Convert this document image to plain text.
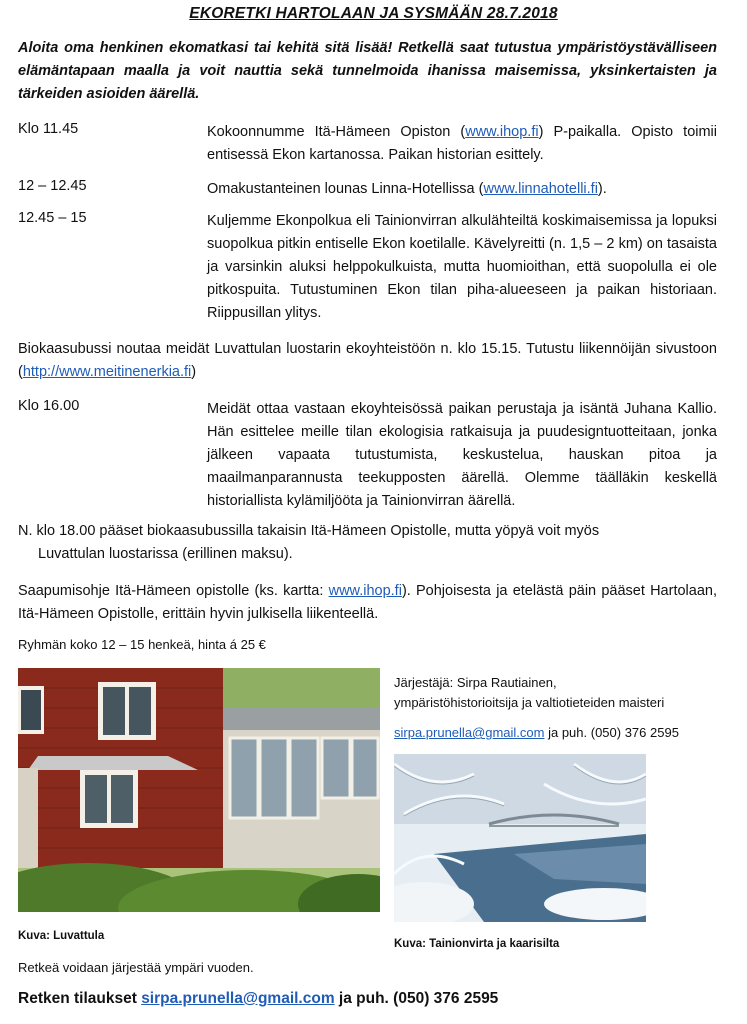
EKORETKI HARTOLAAN JA SYSMÄÄN 28.7.2018
Aloita oma henkinen ekomatkasi tai kehitä sitä lisää! Retkellä saat tutustua ympäristöystävälliseen elämäntapaan maalla ja voit nauttia sekä tunnelmoida ihanissa maisemissa, yksinkertaisten ja tärkeiden asioiden äärellä.
Klo 11.45	Kokoonnumme Itä-Hämeen Opiston (www.ihop.fi) P-paikalla. Opisto toimii entisessä Ekon kartanossa. Paikan historian esittely.
12 – 12.45	Omakustanteinen lounas Linna-Hotellissa (www.linnahotelli.fi).
12.45 – 15	Kuljemme Ekonpolkua eli Tainionvirran alkulähteiltä koskimaisemissa ja lopuksi suopolkua pitkin entiselle Ekon koetilalle. Kävelyreitti (n. 1,5 – 2 km) on tasaista ja varsinkin aluksi helppokulkuista, mutta huomioithan, että suopolulla ei ole pitkospuita. Tutustuminen Ekon tilan piha-alueeseen ja paikan historiaan. Riippusillan ylitys.
Biokaasubussi noutaa meidät Luvattulan luostarin ekoyhteistöön n. klo 15.15. Tutustu liikennöijän sivustoon (http://www.meitinenerkia.fi)
Klo 16.00	Meidät ottaa vastaan ekoyhteisössä paikan perustaja ja isäntä Juhana Kallio. Hän esittelee meille tilan ekologisia ratkaisuja ja puudesigntuotteitaan, jonka jälkeen vapaata tutustumista, keskustelua, hauskan pitoa ja maailmanparannusta teekupposten äärellä. Olemme täälläkin keskellä historiallista kylämiljööta ja Tainionvirran äärellä.
N. klo 18.00 pääset biokaasubussilla takaisin Itä-Hämeen Opistolle, mutta yöpyä voit myös
Luvattulan luostarissa (erillinen maksu).
Saapumisohje Itä-Hämeen opistolle (ks. kartta: www.ihop.fi). Pohjoisesta ja etelästä päin pääset Hartolaan, Itä-Hämeen Opistolle, erittäin hyvin julkisella liikenteellä.
Ryhmän koko 12 – 15 henkeä, hinta á 25 €
Järjestäjä: Sirpa Rautiainen,
ympäristöhistorioitsija ja valtiotieteiden maisteri
sirpa.prunella@gmail.com ja puh. (050) 376 2595
Kuva: Luvattula
Kuva: Tainionvirta ja kaarisilta
Retkeä voidaan järjestää ympäri vuoden.
Retken tilaukset sirpa.prunella@gmail.com ja puh. (050) 376 2595
